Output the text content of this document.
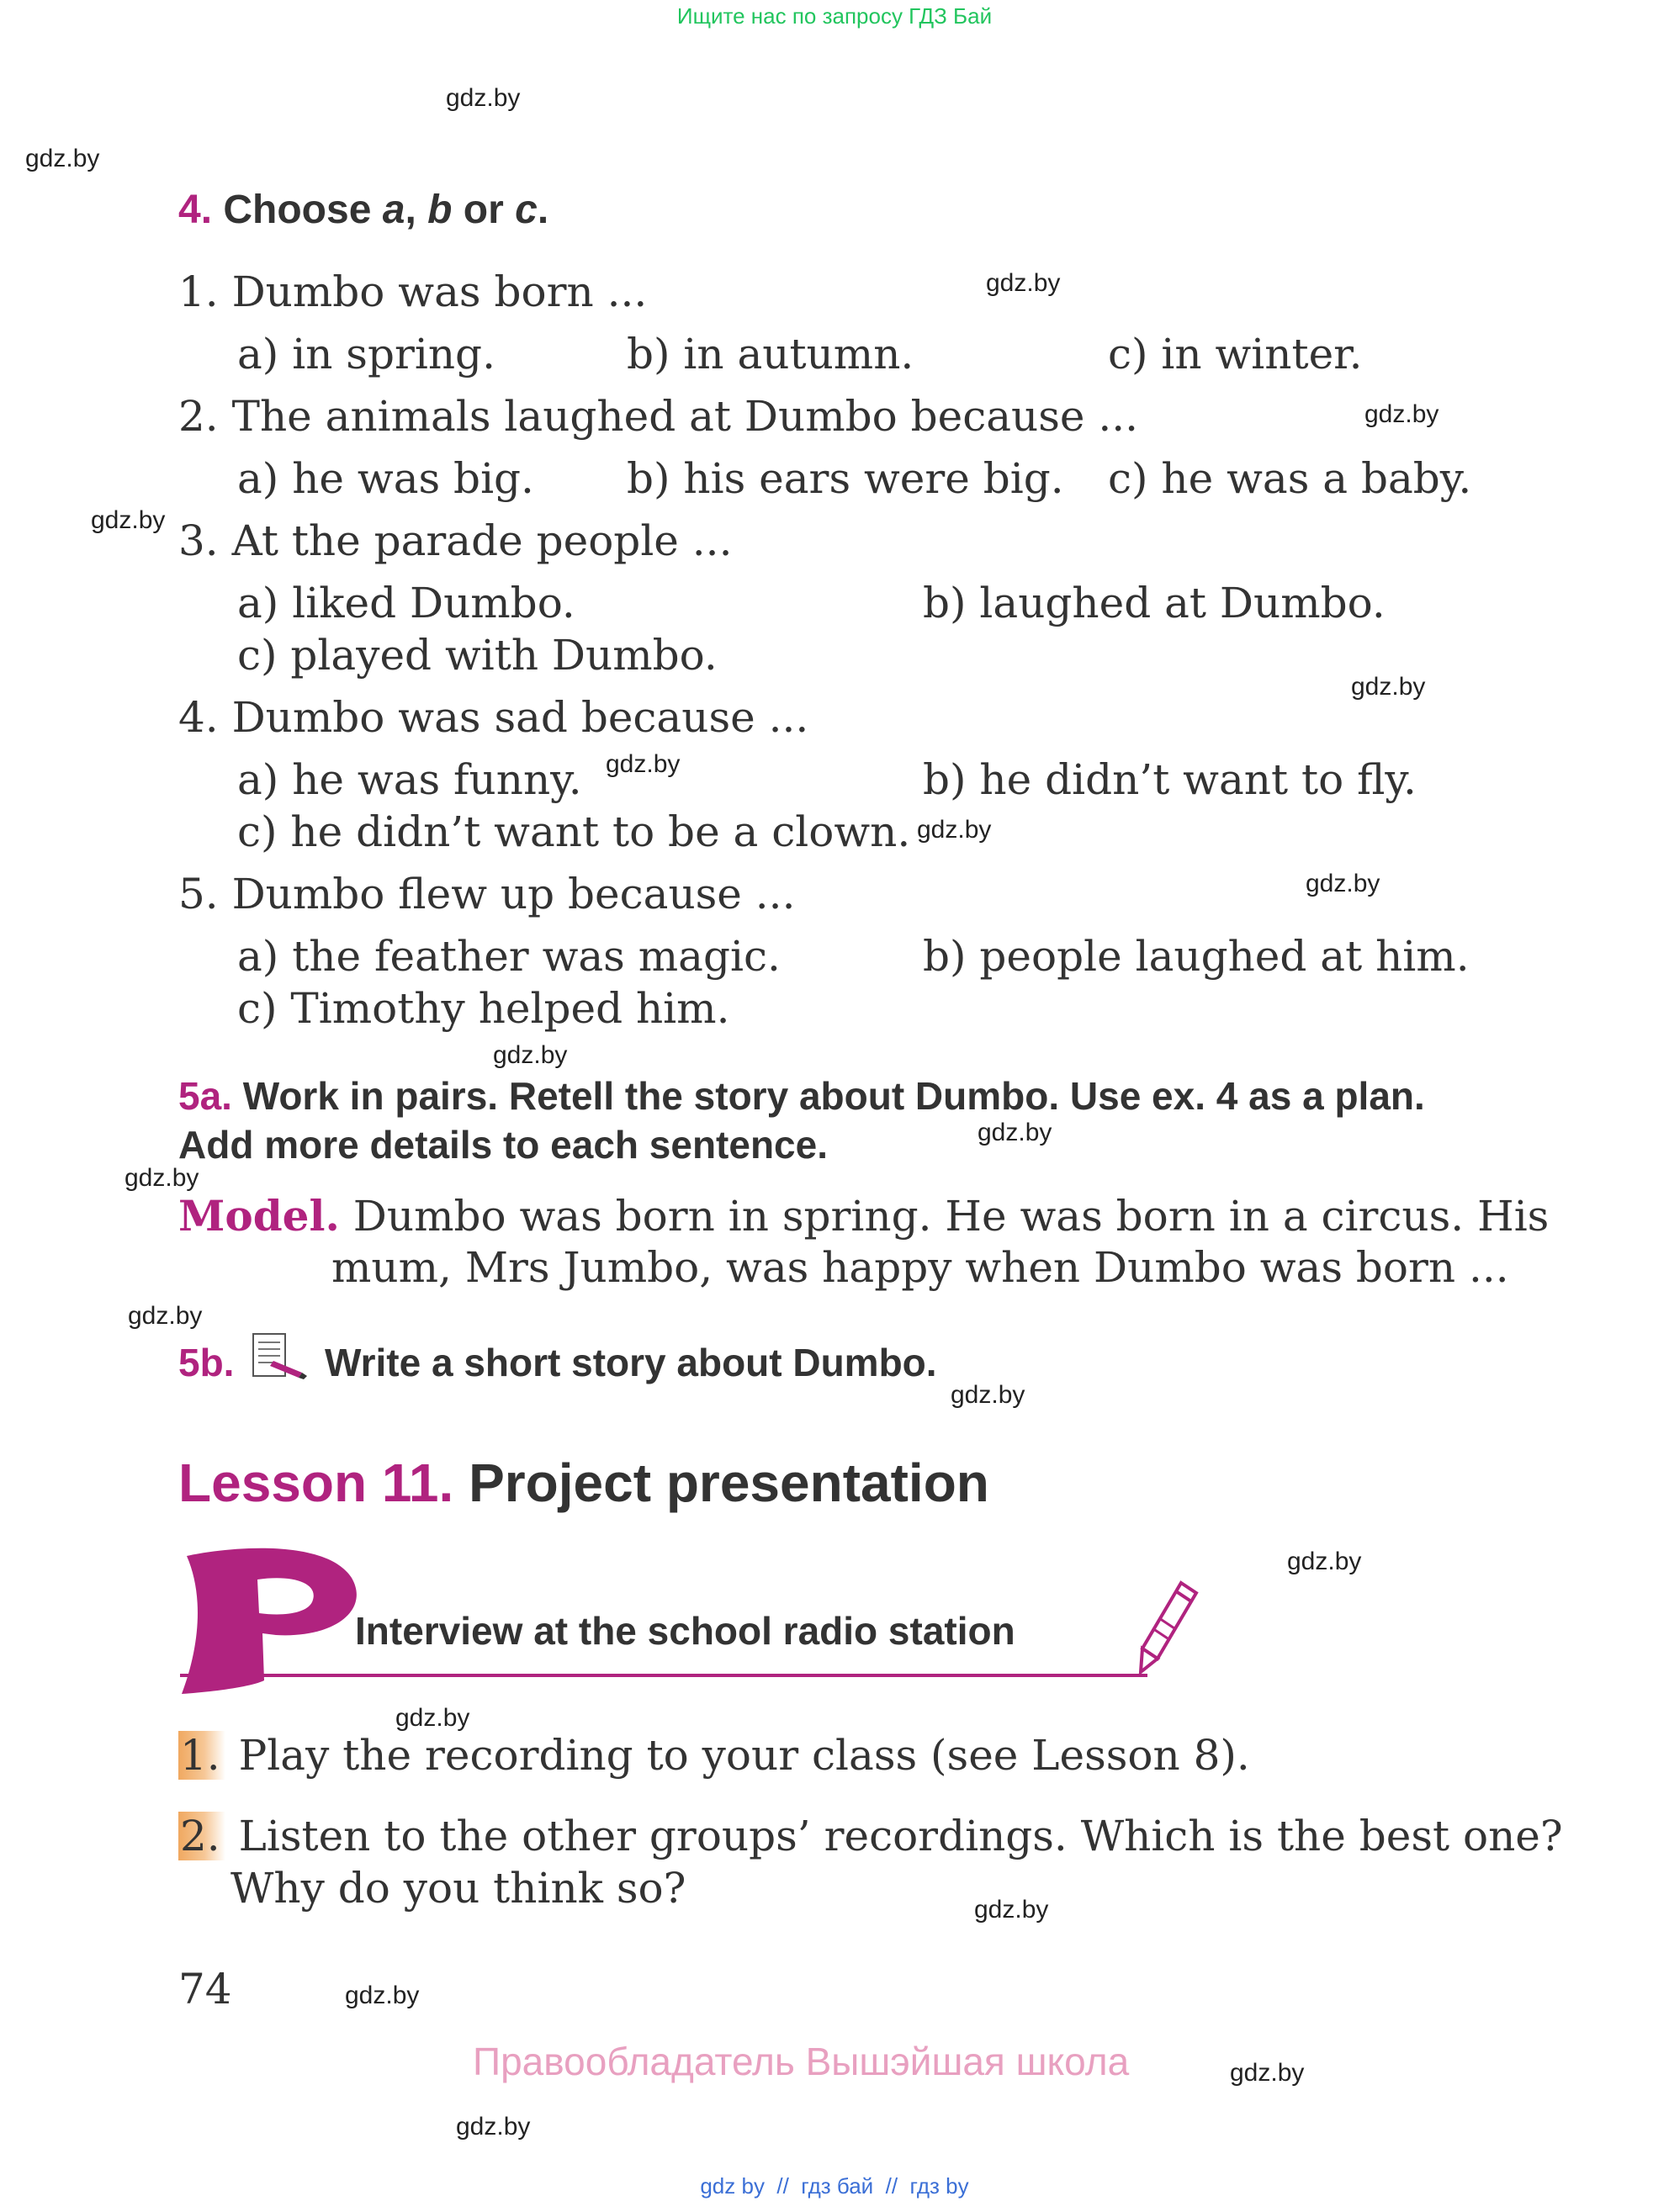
Ищите нас по запросу ГДЗ Бай
gdz.by
gdz.by
gdz.by
gdz.by
gdz.by
gdz.by
gdz.by
gdz.by
gdz.by
gdz.by
gdz.by
gdz.by
gdz.by
gdz.by
gdz.by
gdz.by
gdz.by
gdz.by
gdz.by
gdz.by
4. Choose a, b or c.
1. Dumbo was born ...
a) in spring.	b) in autumn.	c) in winter.
2. The animals laughed at Dumbo because ...
a) he was big. b) his ears were big. c) he was a baby.
3. At the parade people ...
a) liked Dumbo.	b) laughed at Dumbo.
c) played with Dumbo.
4. Dumbo was sad because ...
a) he was funny.	b) he didn’t want to fly.
c) he didn’t want to be a clown.
5. Dumbo flew up because ...
a) the feather was magic.	b) people laughed at him.
c) Timothy helped him.
5a. Work in pairs. Retell the story about Dumbo. Use ex. 4 as a plan.
Add more details to each sentence.
Model. Dumbo was born in spring. He was born in a circus. His
mum, Mrs Jumbo, was happy when Dumbo was born ...
5b. Write a short story about Dumbo.
Lesson 11. Project presentation
P
Interview at the school radio station
1. Play the recording to your class (see Lesson 8).
2. Listen to the other groups’ recordings. Which is the best one?
Why do you think so?
74
Правообладатель Вышэйшая школа
gdz by  //  гдз бай  //  гдз by
